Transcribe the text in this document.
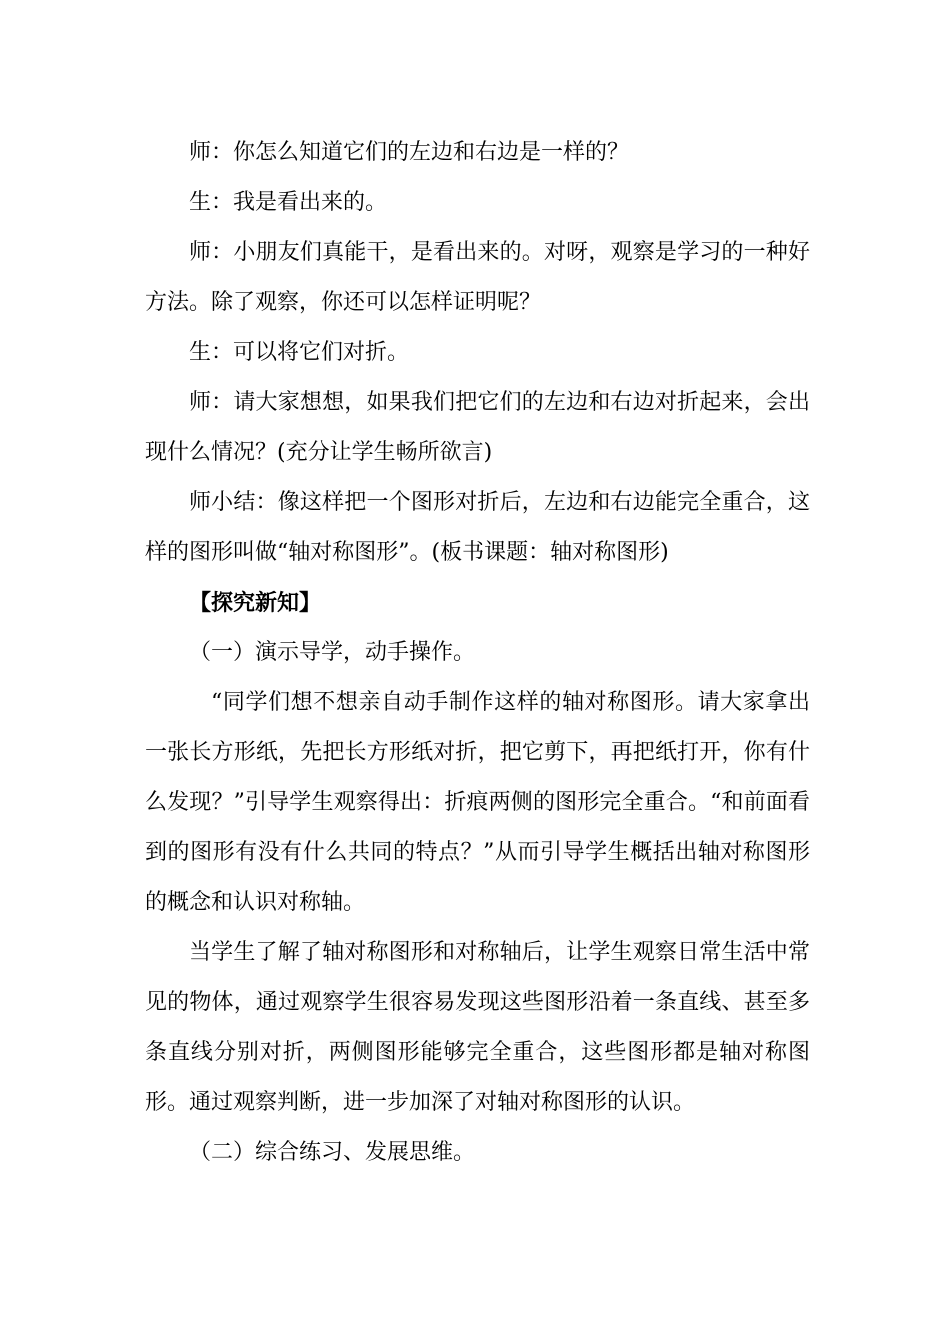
师：你怎么知道它们的左边和右边是一样的？

生：我是看出来的。

师：小朋友们真能干，是看出来的。对呀，观察是学习的一种好方法。除了观察，你还可以怎样证明呢？

生：可以将它们对折。

师：请大家想想，如果我们把它们的左边和右边对折起来，会出现什么情况？(充分让学生畅所欲言)

师小结：像这样把一个图形对折后，左边和右边能完全重合，这样的图形叫做“轴对称图形”。(板书课题：轴对称图形)

【探究新知】

（一）演示导学，动手操作。

“同学们想不想亲自动手制作这样的轴对称图形。请大家拿出一张长方形纸，先把长方形纸对折，把它剪下，再把纸打开，你有什么发现？”引导学生观察得出：折痕两侧的图形完全重合。“和前面看到的图形有没有什么共同的特点？”从而引导学生概括出轴对称图形的概念和认识对称轴。

当学生了解了轴对称图形和对称轴后，让学生观察日常生活中常见的物体，通过观察学生很容易发现这些图形沿着一条直线、甚至多条直线分别对折，两侧图形能够完全重合，这些图形都是轴对称图形。通过观察判断，进一步加深了对轴对称图形的认识。

（二）综合练习、发展思维。
